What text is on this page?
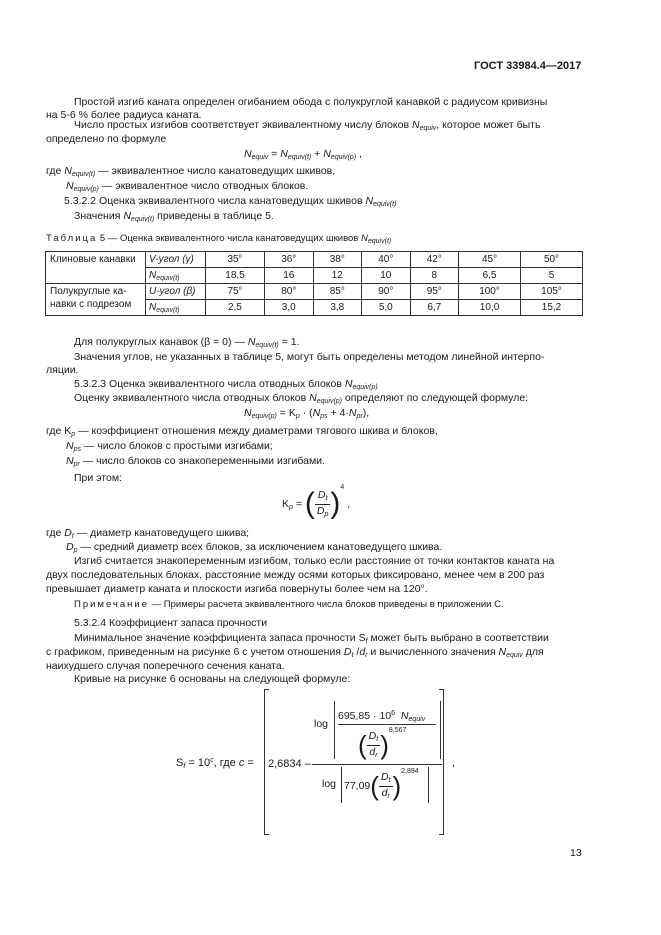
ГОСТ 33984.4—2017
Простой изгиб каната определен огибанием обода с полукруглой канавкой с радиусом кривизны
на 5-6 % более радиуса каната.
Число простых изгибов соответствует эквивалентному числу блоков $N_{equiv}$, которое может быть
определено по формуле
$N_{equiv} = N_{equiv(t)} + N_{equiv(p)}$ ,
где $N_{equiv(t)}$ — эквивалентное число канатоведущих шкивов,
$N_{equiv(p)}$ — эквивалентное число отводных блоков.
5.3.2.2 Оценка эквивалентного числа канатоведущих шкивов $N_{equiv(t)}$
Значения $N_{equiv(t)}$ приведены в таблице 5.
Таблица 5 — Оценка эквивалентного числа канатоведущих шкивов $N_{equiv(t)}$
Клиновые канавки	V-угол (γ)	35°	36°	38°	40°	42°	45°	50°
	$N_{equiv(t)}$	18,5	16	12	10	8	6,5	5
Полукруглые ка-навки с подрезом	U-угол (β)	75°	80°	85°	90°	95°	100°	105°
	$N_{equiv(t)}$	2,5	3,0	3,8	5,0	6,7	10,0	15,2
Для полукруглых канавок (β = 0) — $N_{equiv(t)} = 1$.
Значения углов, не указанных в таблице 5, могут быть определены методом линейной интерпо-
ляции.
5.3.2.3 Оценка эквивалентного числа отводных блоков $N_{equiv(p)}$
Оценку эквивалентного числа отводных блоков $N_{equiv(p)}$ определяют по следующей формуле:
$N_{equiv(p)} = K_p \cdot (N_{ps} + 4\cdot N_{pr})$,
где $K_p$ — коэффициент отношения между диаметрами тягового шкива и блоков,
$N_{ps}$ — число блоков с простыми изгибами;
$N_{pr}$ — число блоков со знакопеременными изгибами.
При этом:
$K_p$ = ( $\frac{D_t}{D_p} )^4$ ,
где $D_t$ — диаметр канатоведущего шкива;
$D_p$ — средний диаметр всех блоков, за исключением канатоведущего шкива.
Изгиб считается знакопеременным изгибом, только если расстояние от точки контактов каната на
двух последовательных блоках, расстояние между осями которых фиксировано, менее чем в 200 раз
превышает диаметр каната и плоскости изгиба повернуты более чем на 120°.
Примечание — Примеры расчета эквивалентного числа блоков приведены в приложении С.
5.3.2.4 Коэффициент запаса прочности
Минимальное значение коэффициента запаса прочности $S_f$ может быть выбрано в соответствии
с графиком, приведенным на рисунке 6 с учетом отношения $D_t$ $/d_r$ и вычисленного значения $N_{equiv}$ для
наихудшего случая поперечного сечения каната.
Кривые на рисунке 6 основаны на следующей формуле:
$S_f = 10^c$, где c = 2,6834 –
log
$695,85 \cdot 10^6$ $N_{equiv}$
( $\frac{D_t}{d_r} )^{8,567}$
$\log 77,09( \frac{D_t}{d_r} )^{2,894}$
,
13
